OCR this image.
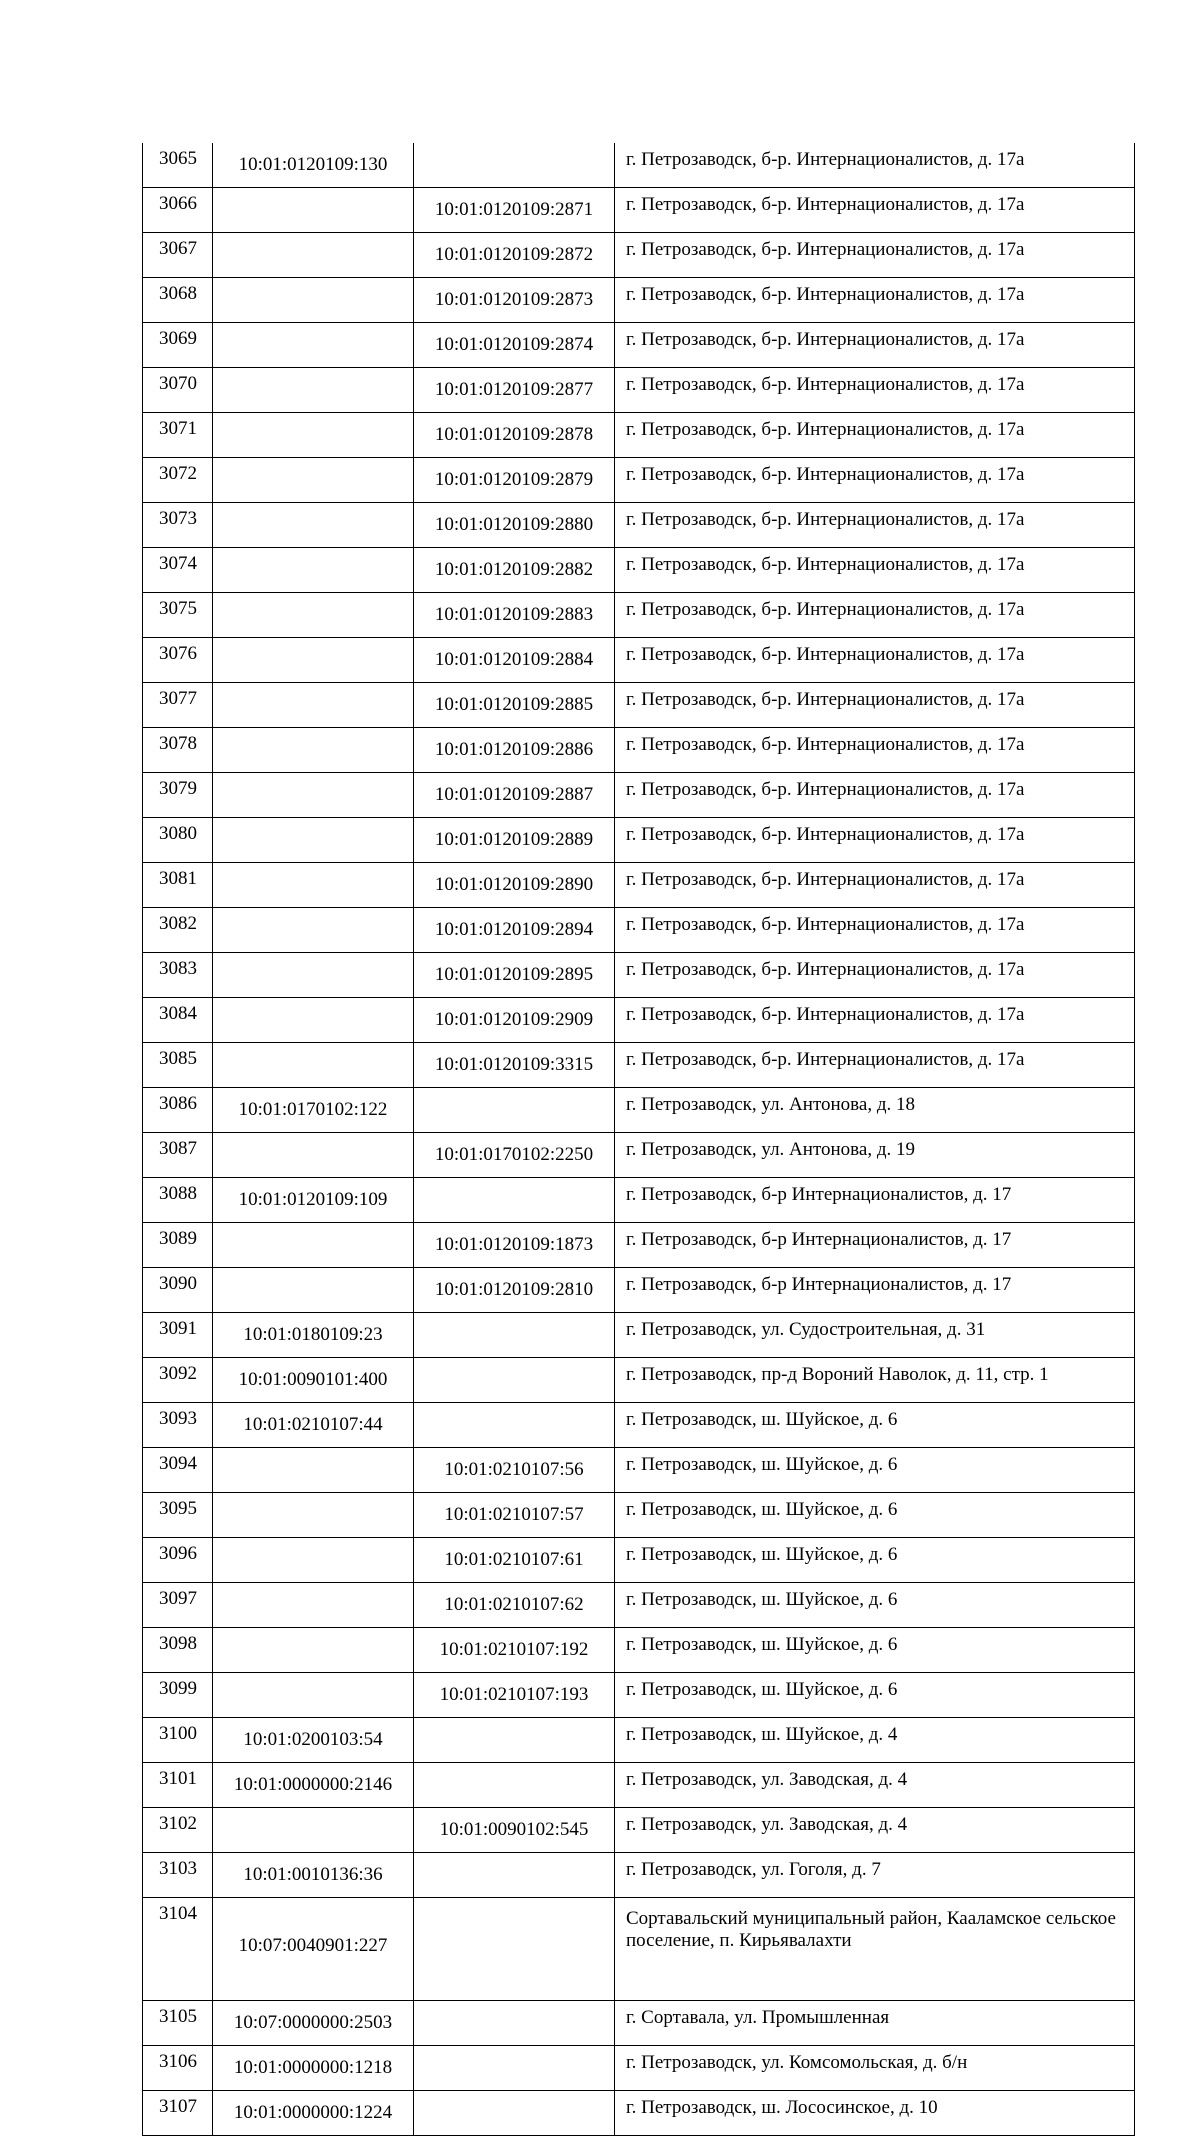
3065	10:01:0120109:130		г. Петрозаводск, б-р. Интернационалистов, д. 17а
3066		10:01:0120109:2871	г. Петрозаводск, б-р. Интернационалистов, д. 17а
3067		10:01:0120109:2872	г. Петрозаводск, б-р. Интернационалистов, д. 17а
3068		10:01:0120109:2873	г. Петрозаводск, б-р. Интернационалистов, д. 17а
3069		10:01:0120109:2874	г. Петрозаводск, б-р. Интернационалистов, д. 17а
3070		10:01:0120109:2877	г. Петрозаводск, б-р. Интернационалистов, д. 17а
3071		10:01:0120109:2878	г. Петрозаводск, б-р. Интернационалистов, д. 17а
3072		10:01:0120109:2879	г. Петрозаводск, б-р. Интернационалистов, д. 17а
3073		10:01:0120109:2880	г. Петрозаводск, б-р. Интернационалистов, д. 17а
3074		10:01:0120109:2882	г. Петрозаводск, б-р. Интернационалистов, д. 17а
3075		10:01:0120109:2883	г. Петрозаводск, б-р. Интернационалистов, д. 17а
3076		10:01:0120109:2884	г. Петрозаводск, б-р. Интернационалистов, д. 17а
3077		10:01:0120109:2885	г. Петрозаводск, б-р. Интернационалистов, д. 17а
3078		10:01:0120109:2886	г. Петрозаводск, б-р. Интернационалистов, д. 17а
3079		10:01:0120109:2887	г. Петрозаводск, б-р. Интернационалистов, д. 17а
3080		10:01:0120109:2889	г. Петрозаводск, б-р. Интернационалистов, д. 17а
3081		10:01:0120109:2890	г. Петрозаводск, б-р. Интернационалистов, д. 17а
3082		10:01:0120109:2894	г. Петрозаводск, б-р. Интернационалистов, д. 17а
3083		10:01:0120109:2895	г. Петрозаводск, б-р. Интернационалистов, д. 17а
3084		10:01:0120109:2909	г. Петрозаводск, б-р. Интернационалистов, д. 17а
3085		10:01:0120109:3315	г. Петрозаводск, б-р. Интернационалистов, д. 17а
3086	10:01:0170102:122		г. Петрозаводск, ул. Антонова, д. 18
3087		10:01:0170102:2250	г. Петрозаводск, ул. Антонова, д. 19
3088	10:01:0120109:109		г. Петрозаводск, б-р Интернационалистов, д. 17
3089		10:01:0120109:1873	г. Петрозаводск, б-р Интернационалистов, д. 17
3090		10:01:0120109:2810	г. Петрозаводск, б-р Интернационалистов, д. 17
3091	10:01:0180109:23		г. Петрозаводск, ул. Судостроительная, д. 31
3092	10:01:0090101:400		г. Петрозаводск, пр-д Вороний Наволок, д. 11, стр. 1
3093	10:01:0210107:44		г. Петрозаводск, ш. Шуйское, д. 6
3094		10:01:0210107:56	г. Петрозаводск, ш. Шуйское, д. 6
3095		10:01:0210107:57	г. Петрозаводск, ш. Шуйское, д. 6
3096		10:01:0210107:61	г. Петрозаводск, ш. Шуйское, д. 6
3097		10:01:0210107:62	г. Петрозаводск, ш. Шуйское, д. 6
3098		10:01:0210107:192	г. Петрозаводск, ш. Шуйское, д. 6
3099		10:01:0210107:193	г. Петрозаводск, ш. Шуйское, д. 6
3100	10:01:0200103:54		г. Петрозаводск, ш. Шуйское, д. 4
3101	10:01:0000000:2146		г. Петрозаводск, ул. Заводская, д. 4
3102		10:01:0090102:545	г. Петрозаводск, ул. Заводская, д. 4
3103	10:01:0010136:36		г. Петрозаводск, ул. Гоголя, д. 7
3104	10:07:0040901:227		Сортавальский муниципальный район, Кааламское сельское поселение, п. Кирьявалахти
3105	10:07:0000000:2503		г. Сортавала, ул. Промышленная
3106	10:01:0000000:1218		г. Петрозаводск, ул. Комсомольская, д. б/н
3107	10:01:0000000:1224		г. Петрозаводск, ш. Лососинское, д. 10
